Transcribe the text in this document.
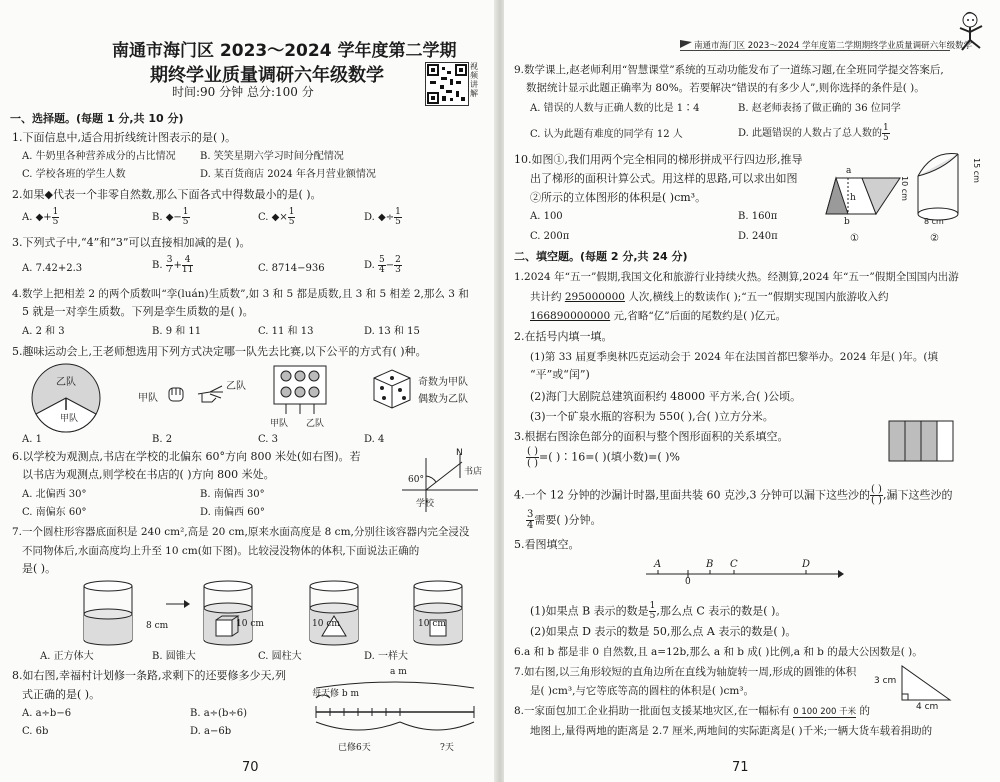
南通市海门区 2023～2024 学年度第二学期
期终学业质量调研六年级数学
时间:90 分钟 总分:100 分
视频讲解
一、选择题。(每题 1 分,共 10 分)
1.下面信息中,适合用折线统计图表示的是( )。
A. 牛奶里各种营养成分的占比情况 B. 笑笑星期六学习时间分配情况
C. 学校各班的学生人数	D. 某百货商店 2024 年各月营业额情况
2.如果◆代表一个非零自然数,那么下面各式中得数最小的是( )。
A. ◆+ $\frac{1}{5}$	B. ◆− $\frac{1}{5}$	C. ◆× $\frac{1}{5}$	D. ◆÷ $\frac{1}{5}$
3.下列式子中,“4”和“3”可以直接相加减的是( )。
A. 7.42+2.3	B. $\frac{3}{7} + \frac{4}{11}$	C. 8714−936	D. $\frac{5}{4} - \frac{2}{3}$
4.数学上把相差 2 的两个质数叫“孪(luán)生质数”,如 3 和 5 都是质数,且 3 和 5 相差 2,那么 3 和
5 就是一对孪生质数。下列是孪生质数的是( )。
A. 2 和 3	B. 9 和 11	C. 11 和 13	D. 13 和 15
5.趣味运动会上,王老师想选用下列方式决定哪一队先去比赛,以下公平的方式有( )种。
乙队
甲队
甲队
乙队
甲队 乙队
奇数为甲队
偶数为乙队
A. 1	B. 2	C. 3	D. 4
6.以学校为观测点,书店在学校的北偏东 60°方向 800 米处(如右图)。若
以书店为观测点,则学校在书店的( )方向 800 米处。
A. 北偏西 30°	B. 南偏西 30°
C. 南偏东 60°	D. 南偏西 60°
N
书店
60°
学校
7.一个圆柱形容器底面积是 240 cm²,高是 20 cm,原来水面高度是 8 cm,分别往该容器内完全浸没
不同物体后,水面高度均上升至 10 cm(如下图)。比较浸没物体的体积,下面说法正确的
是( )。
8 cm	10 cm	10 cm	10 cm
A. 正方体大	B. 圆锥大	C. 圆柱大	D. 一样大
8.如右图,幸福村计划修一条路,求剩下的还要修多少天,列
式正确的是( )。
A. a÷b−6	B. a÷(b÷6)
C. 6b	D. a−6b
a m
每天修 b m
已修6天	?天
70
南通市海门区 2023～2024 学年度第二学期期终学业质量调研六年级数学
9.数学课上,赵老师利用“智慧课堂”系统的互动功能发布了一道练习题,在全班同学提交答案后,
数据统计显示此题正确率为 80%。若要解决“错误的有多少人”,则你选择的条件是( )。
A. 错误的人数与正确人数的比是 1∶4	B. 赵老师表扬了做正确的 36 位同学
C. 认为此题有难度的同学有 12 人	D. 此题错误的人数占了总人数的 $\frac{1}{5}$
10.如图①,我们用两个完全相同的梯形拼成平行四边形,推导
出了梯形的面积计算公式。用这样的思路,可以求出如图
②所示的立体图形的体积是( )cm³。
A. 100	B. 160π
C. 200π	D. 240π
a
h
b
①
10 cm
15 cm
8 cm
②
二、填空题。(每题 2 分,共 24 分)
1.2024 年“五一”假期,我国文化和旅游行业持续火热。经测算,2024 年“五一”假期全国国内出游
共计约 295000000 人次,横线上的数读作( );“五一”假期实现国内旅游收入约
166890000000 元,省略“亿”后面的尾数约是( )亿元。
2.在括号内填一填。
(1)第 33 届夏季奥林匹克运动会于 2024 年在法国首都巴黎举办。2024 年是( )年。(填
“平”或“闰”)
(2)海门大剧院总建筑面积约 48000 平方米,合( )公顷。
(3)一个矿泉水瓶的容积为 550( ),合( )立方分米。
3.根据右图涂色部分的面积与整个图形面积的关系填空。
$\frac{( )}{( )}$ =( )∶16=( )(填小数)=( )%
4.一个 12 分钟的沙漏计时器,里面共装 60 克沙,3 分钟可以漏下这些沙的 $\frac{( )}{( )}$ ,漏下这些沙的
$\frac{3}{4}$ 需要( )分钟。
5.看图填空。
A
0
B C	D
(1)如果点 B 表示的数是 $\frac{1}{5}$ ,那么点 C 表示的数是( )。
(2)如果点 D 表示的数是 50,那么点 A 表示的数是( )。
6.a 和 b 都是非 0 自然数,且 a=12b,那么 a 和 b 成( )比例,a 和 b 的最大公因数是( )。
7.如右图,以三角形较短的直角边所在直线为轴旋转一周,形成的圆锥的体积
是( )cm³,与它等底等高的圆柱的体积是( )cm³。
3 cm
4 cm
8.一家面包加工企业捐助一批面包支援某地灾区,在一幅标有 0 100 200 千米 的
地图上,量得两地的距离是 2.7 厘米,两地间的实际距离是( )千米;一辆大货车载着捐助的
71
